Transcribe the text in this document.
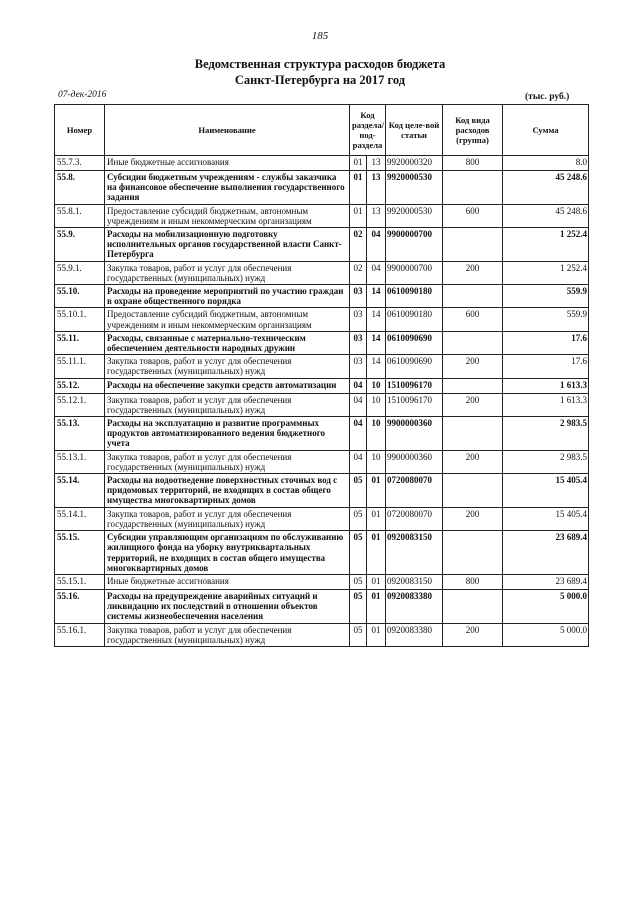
185
Ведомственная структура расходов бюджета
Санкт-Петербурга на 2017 год
07-дек-2016	(тыс. руб.)
Номер	Наименование	Код раздела/ под-раздела		Код целе-вой статьи	Код вида расходов (группа)	Сумма
55.7.3.	Иные бюджетные ассигнования	01	13	9920000320	800	8.0
55.8.	Субсидии бюджетным учреждениям - службы заказчика на финансовое обеспечение выполнения государственного задания	01	13	9920000530		45 248.6
55.8.1.	Предоставление субсидий бюджетным, автономным учреждениям и иным некоммерческим организациям	01	13	9920000530	600	45 248.6
55.9.	Расходы на мобилизационную подготовку исполнительных органов государственной власти Санкт-Петербурга	02	04	9900000700		1 252.4
55.9.1.	Закупка товаров, работ и услуг для обеспечения государственных (муниципальных) нужд	02	04	9900000700	200	1 252.4
55.10.	Расходы на проведение мероприятий по участию граждан в охране общественного порядка	03	14	0610090180		559.9
55.10.1.	Предоставление субсидий бюджетным, автономным учреждениям и иным некоммерческим организациям	03	14	0610090180	600	559.9
55.11.	Расходы, связанные с материально-техническим обеспечением деятельности народных дружин	03	14	0610090690		17.6
55.11.1.	Закупка товаров, работ и услуг для обеспечения государственных (муниципальных) нужд	03	14	0610090690	200	17.6
55.12.	Расходы на обеспечение закупки средств автоматизации	04	10	1510096170		1 613.3
55.12.1.	Закупка товаров, работ и услуг для обеспечения государственных (муниципальных) нужд	04	10	1510096170	200	1 613.3
55.13.	Расходы на эксплуатацию и развитие программных продуктов автоматизированного ведения бюджетного учета	04	10	9900000360		2 983.5
55.13.1.	Закупка товаров, работ и услуг для обеспечения государственных (муниципальных) нужд	04	10	9900000360	200	2 983.5
55.14.	Расходы на водоотведение поверхностных сточных вод с придомовых территорий, не входящих в состав общего имущества многоквартирных домов	05	01	0720080070		15 405.4
55.14.1.	Закупка товаров, работ и услуг для обеспечения государственных (муниципальных) нужд	05	01	0720080070	200	15 405.4
55.15.	Субсидии управляющим организациям по обслуживанию жилищного фонда на уборку внутриквартальных территорий, не входящих в состав общего имущества многоквартирных домов	05	01	0920083150		23 689.4
55.15.1.	Иные бюджетные ассигнования	05	01	0920083150	800	23 689.4
55.16.	Расходы на предупреждение аварийных ситуаций и ликвидацию их последствий в отношении объектов системы жизнеобеспечения населения	05	01	0920083380		5 000.0
55.16.1.	Закупка товаров, работ и услуг для обеспечения государственных (муниципальных) нужд	05	01	0920083380	200	5 000.0
